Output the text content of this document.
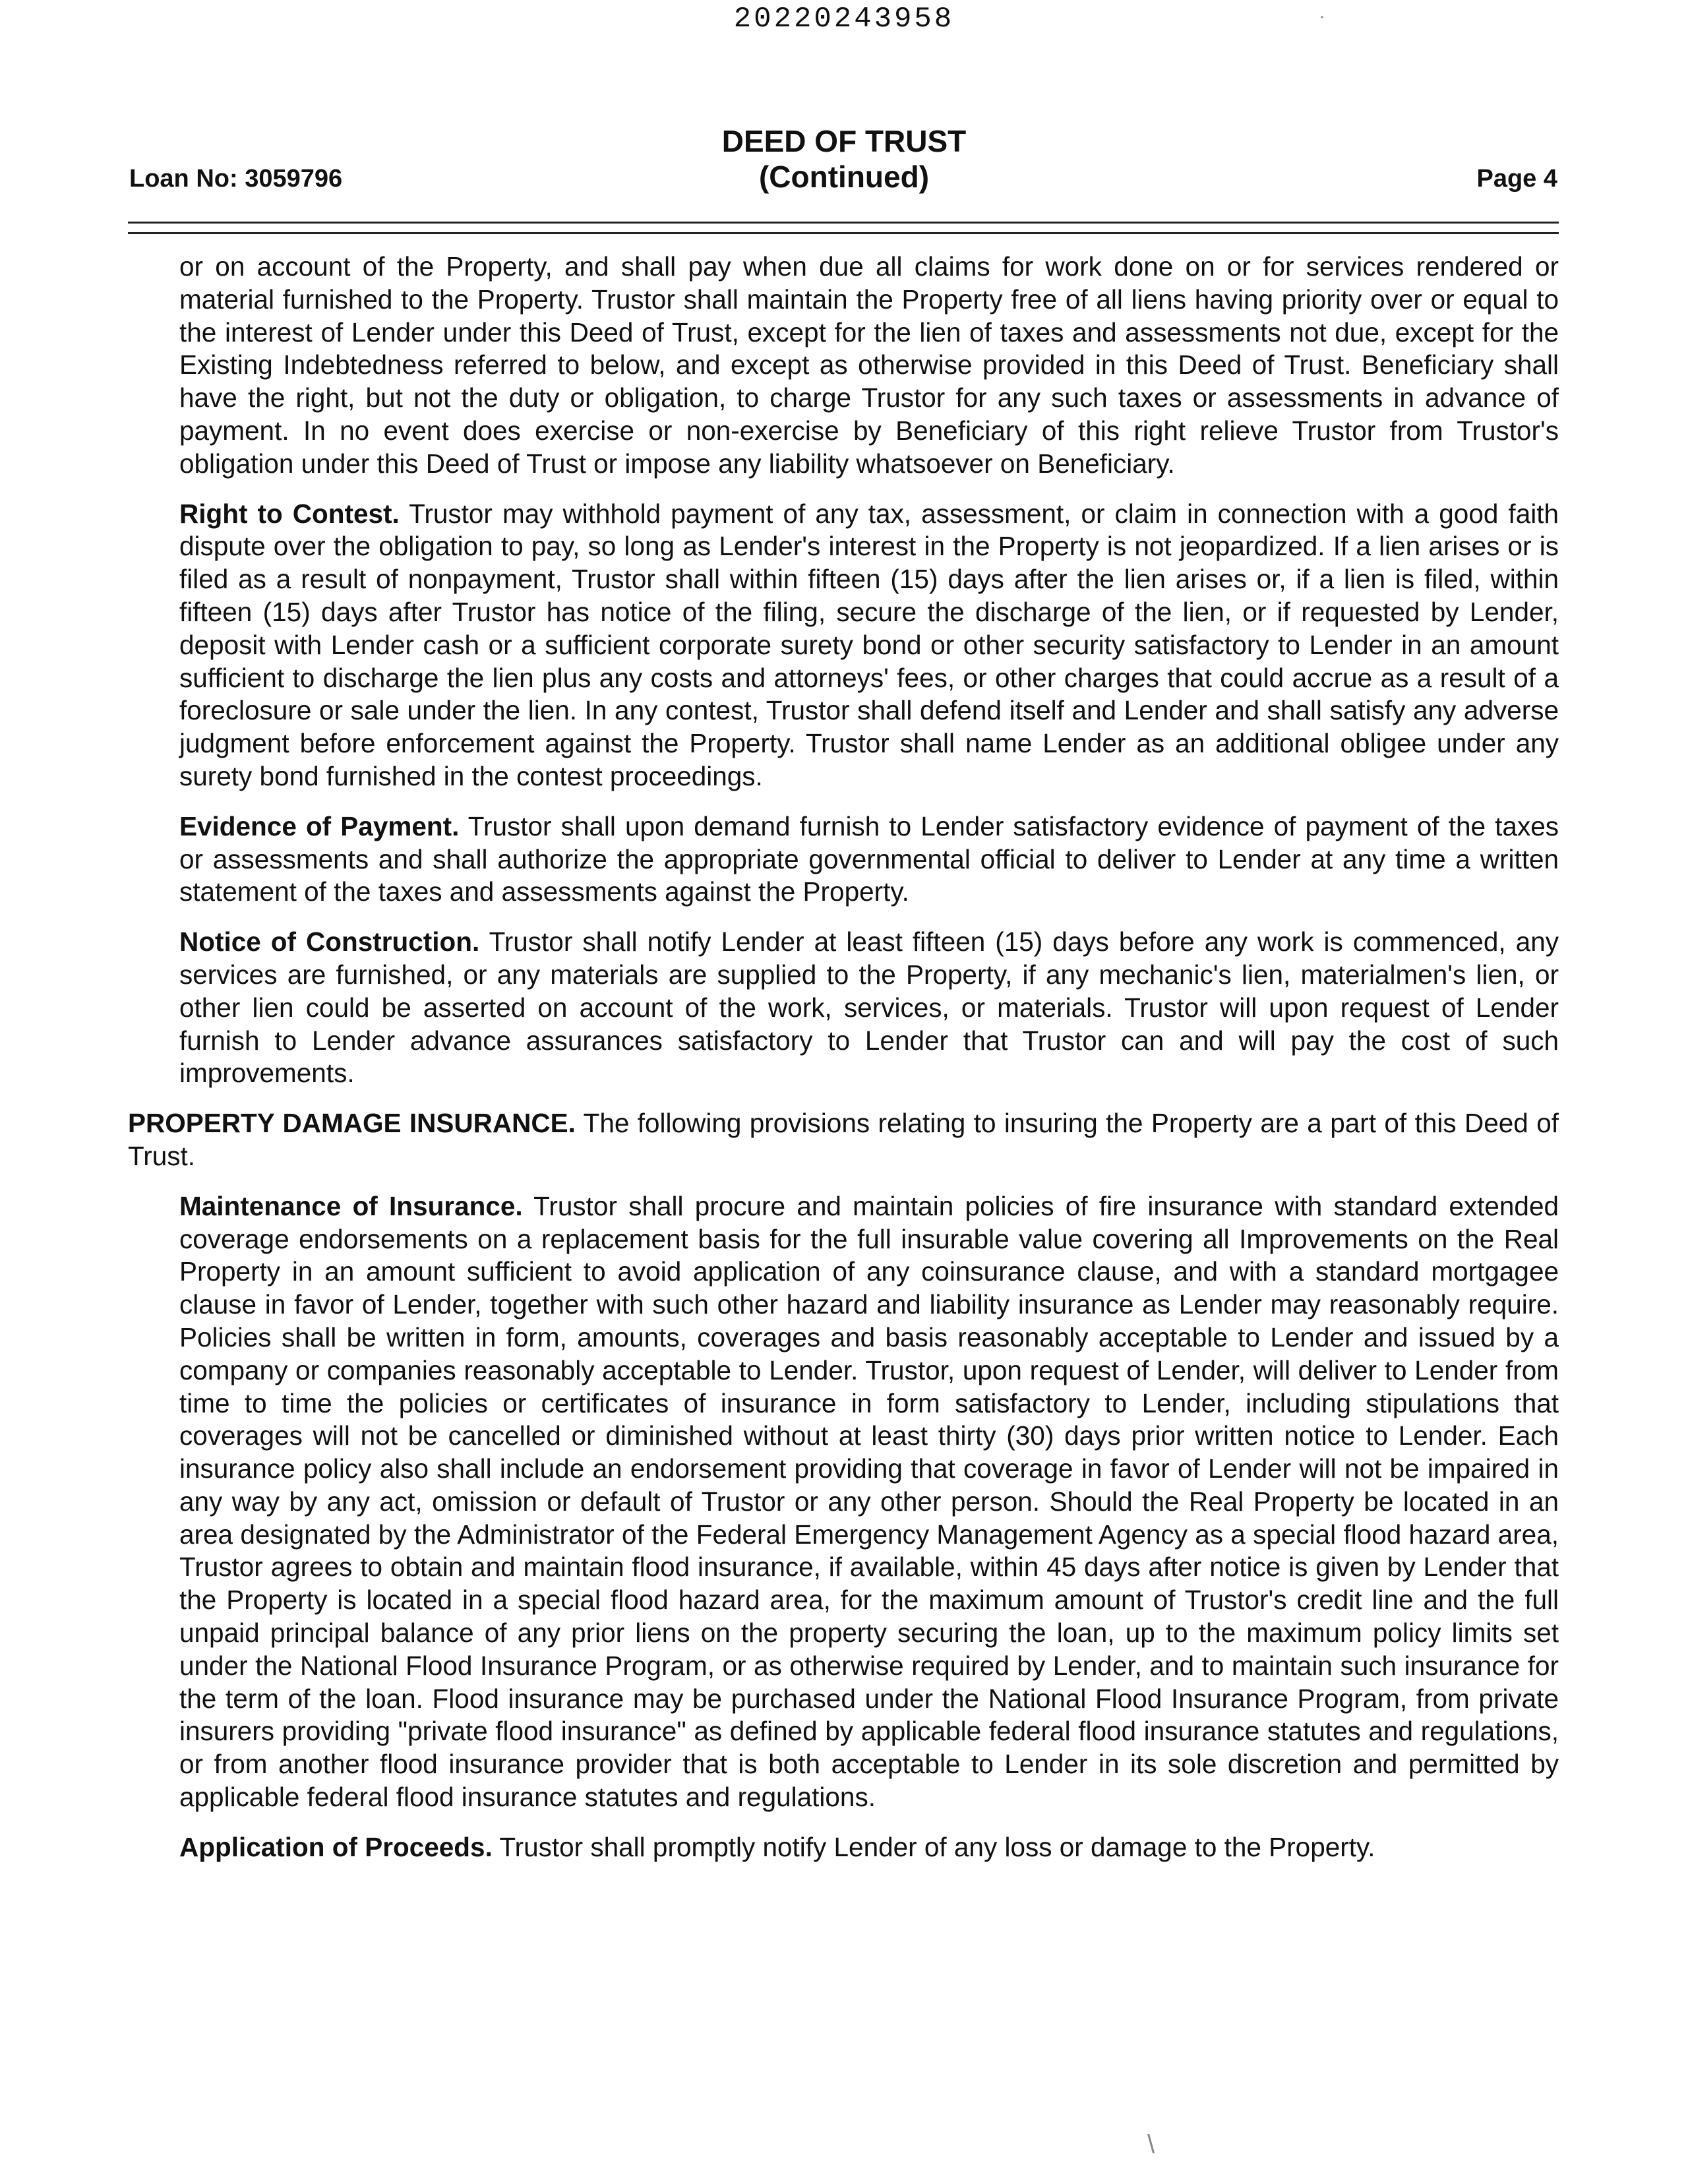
20220243958
DEED OF TRUST
(Continued)
Loan No: 3059796	Page 4

or on account of the Property, and shall pay when due all claims for work done on or for services rendered or material furnished to the Property. Trustor shall maintain the Property free of all liens having priority over or equal to the interest of Lender under this Deed of Trust, except for the lien of taxes and assessments not due, except for the Existing Indebtedness referred to below, and except as otherwise provided in this Deed of Trust. Beneficiary shall have the right, but not the duty or obligation, to charge Trustor for any such taxes or assessments in advance of payment. In no event does exercise or non-exercise by Beneficiary of this right relieve Trustor from Trustor's obligation under this Deed of Trust or impose any liability whatsoever on Beneficiary.

Right to Contest. Trustor may withhold payment of any tax, assessment, or claim in connection with a good faith dispute over the obligation to pay, so long as Lender's interest in the Property is not jeopardized. If a lien arises or is filed as a result of nonpayment, Trustor shall within fifteen (15) days after the lien arises or, if a lien is filed, within fifteen (15) days after Trustor has notice of the filing, secure the discharge of the lien, or if requested by Lender, deposit with Lender cash or a sufficient corporate surety bond or other security satisfactory to Lender in an amount sufficient to discharge the lien plus any costs and attorneys' fees, or other charges that could accrue as a result of a foreclosure or sale under the lien. In any contest, Trustor shall defend itself and Lender and shall satisfy any adverse judgment before enforcement against the Property. Trustor shall name Lender as an additional obligee under any surety bond furnished in the contest proceedings.

Evidence of Payment. Trustor shall upon demand furnish to Lender satisfactory evidence of payment of the taxes or assessments and shall authorize the appropriate governmental official to deliver to Lender at any time a written statement of the taxes and assessments against the Property.

Notice of Construction. Trustor shall notify Lender at least fifteen (15) days before any work is commenced, any services are furnished, or any materials are supplied to the Property, if any mechanic's lien, materialmen's lien, or other lien could be asserted on account of the work, services, or materials. Trustor will upon request of Lender furnish to Lender advance assurances satisfactory to Lender that Trustor can and will pay the cost of such improvements.

PROPERTY DAMAGE INSURANCE. The following provisions relating to insuring the Property are a part of this Deed of Trust.

Maintenance of Insurance. Trustor shall procure and maintain policies of fire insurance with standard extended coverage endorsements on a replacement basis for the full insurable value covering all Improvements on the Real Property in an amount sufficient to avoid application of any coinsurance clause, and with a standard mortgagee clause in favor of Lender, together with such other hazard and liability insurance as Lender may reasonably require. Policies shall be written in form, amounts, coverages and basis reasonably acceptable to Lender and issued by a company or companies reasonably acceptable to Lender. Trustor, upon request of Lender, will deliver to Lender from time to time the policies or certificates of insurance in form satisfactory to Lender, including stipulations that coverages will not be cancelled or diminished without at least thirty (30) days prior written notice to Lender. Each insurance policy also shall include an endorsement providing that coverage in favor of Lender will not be impaired in any way by any act, omission or default of Trustor or any other person. Should the Real Property be located in an area designated by the Administrator of the Federal Emergency Management Agency as a special flood hazard area, Trustor agrees to obtain and maintain flood insurance, if available, within 45 days after notice is given by Lender that the Property is located in a special flood hazard area, for the maximum amount of Trustor's credit line and the full unpaid principal balance of any prior liens on the property securing the loan, up to the maximum policy limits set under the National Flood Insurance Program, or as otherwise required by Lender, and to maintain such insurance for the term of the loan. Flood insurance may be purchased under the National Flood Insurance Program, from private insurers providing "private flood insurance" as defined by applicable federal flood insurance statutes and regulations, or from another flood insurance provider that is both acceptable to Lender in its sole discretion and permitted by applicable federal flood insurance statutes and regulations.

Application of Proceeds. Trustor shall promptly notify Lender of any loss or damage to the Property.

·
\
